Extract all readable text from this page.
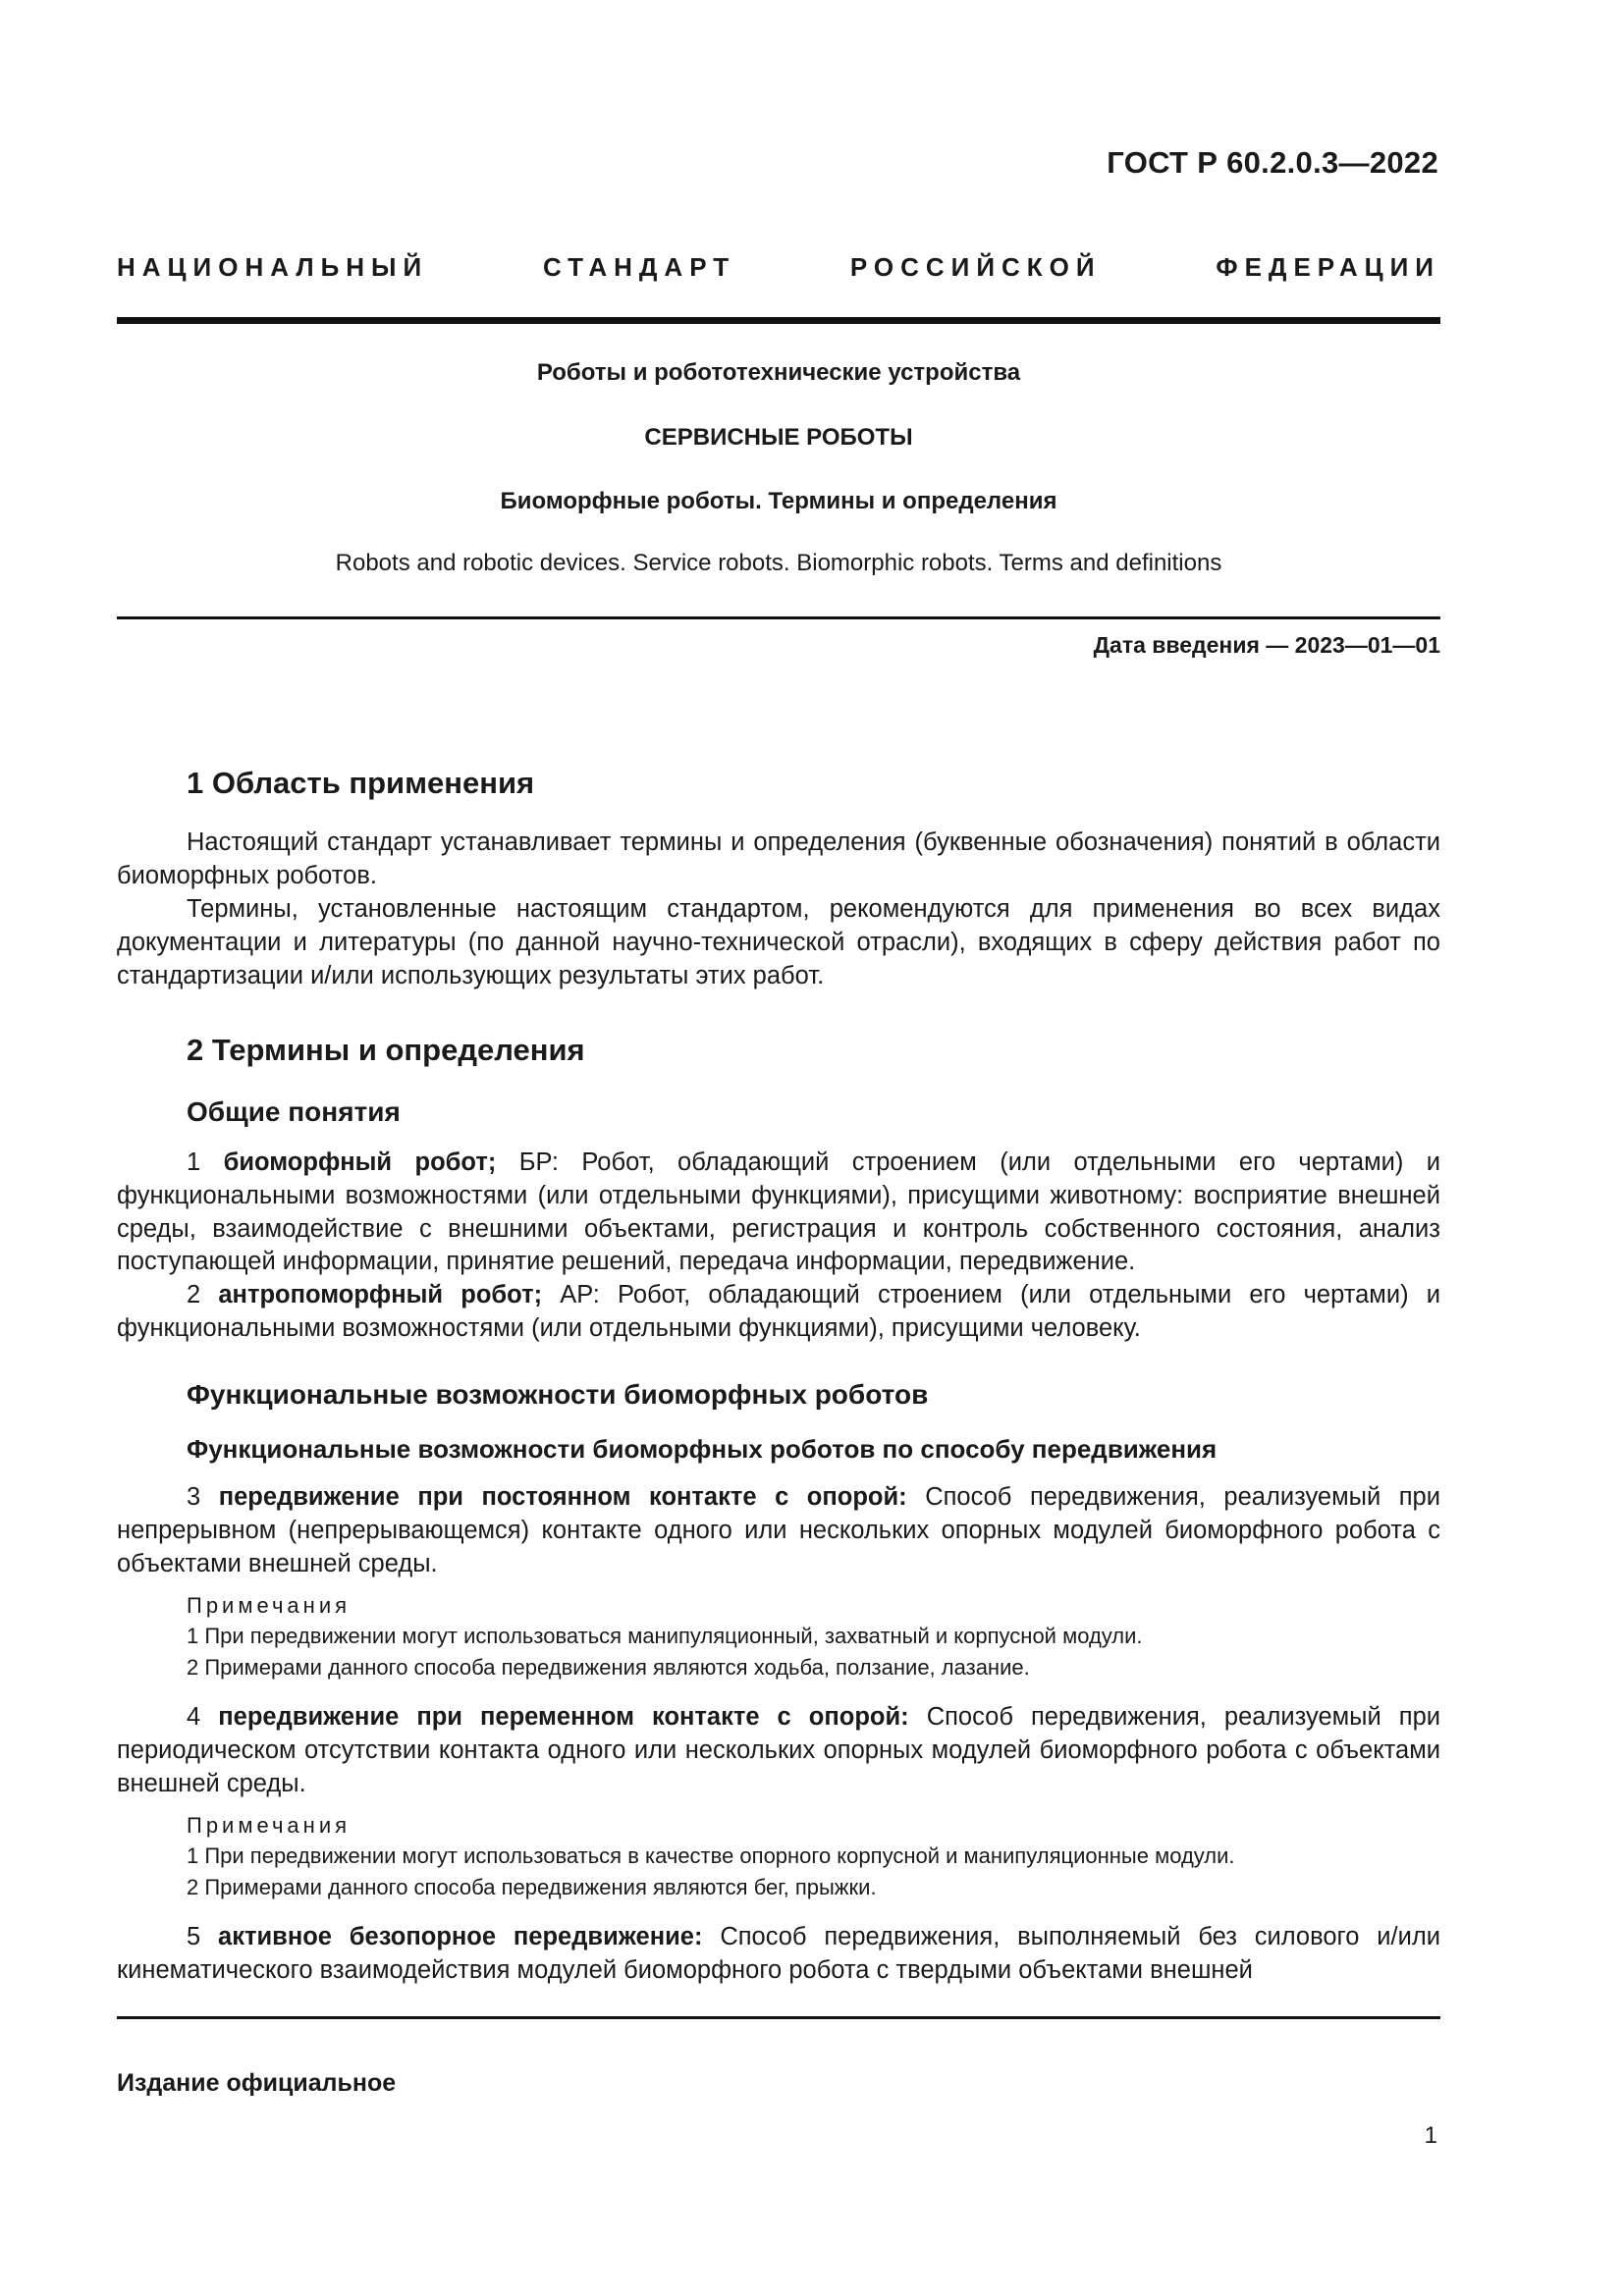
ГОСТ Р 60.2.0.3—2022
НАЦИОНАЛЬНЫЙ СТАНДАРТ РОССИЙСКОЙ ФЕДЕРАЦИИ
Роботы и робототехнические устройства
СЕРВИСНЫЕ РОБОТЫ
Биоморфные роботы. Термины и определения
Robots and robotic devices. Service robots. Biomorphic robots. Terms and definitions
Дата введения — 2023—01—01
1 Область применения
Настоящий стандарт устанавливает термины и определения (буквенные обозначения) понятий в области биоморфных роботов.
Термины, установленные настоящим стандартом, рекомендуются для применения во всех видах документации и литературы (по данной научно-технической отрасли), входящих в сферу действия работ по стандартизации и/или использующих результаты этих работ.
2 Термины и определения
Общие понятия
1 биоморфный робот; БР: Робот, обладающий строением (или отдельными его чертами) и функциональными возможностями (или отдельными функциями), присущими животному: восприятие внешней среды, взаимодействие с внешними объектами, регистрация и контроль собственного состояния, анализ поступающей информации, принятие решений, передача информации, передвижение.
2 антропоморфный робот; АР: Робот, обладающий строением (или отдельными его чертами) и функциональными возможностями (или отдельными функциями), присущими человеку.
Функциональные возможности биоморфных роботов
Функциональные возможности биоморфных роботов по способу передвижения
3 передвижение при постоянном контакте с опорой: Способ передвижения, реализуемый при непрерывном (непрерывающемся) контакте одного или нескольких опорных модулей биоморфного робота с объектами внешней среды.
Примечания
1 При передвижении могут использоваться манипуляционный, захватный и корпусной модули.
2 Примерами данного способа передвижения являются ходьба, ползание, лазание.
4 передвижение при переменном контакте с опорой: Способ передвижения, реализуемый при периодическом отсутствии контакта одного или нескольких опорных модулей биоморфного робота с объектами внешней среды.
Примечания
1 При передвижении могут использоваться в качестве опорного корпусной и манипуляционные модули.
2 Примерами данного способа передвижения являются бег, прыжки.
5 активное безопорное передвижение: Способ передвижения, выполняемый без силового и/или кинематического взаимодействия модулей биоморфного робота с твердыми объектами внешней
Издание официальное
1
